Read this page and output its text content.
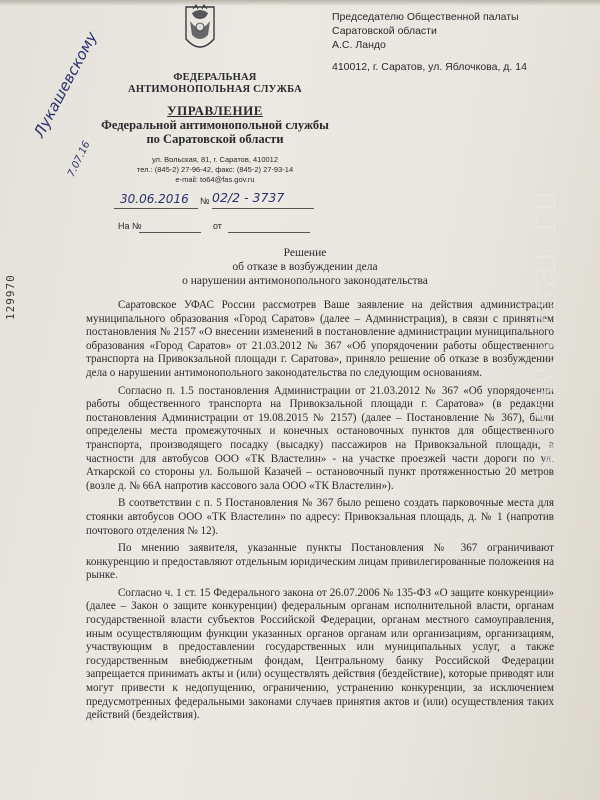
ФЕДЕРАЛЬНАЯ
АНТИМОНОПОЛЬНАЯ СЛУЖБА
УПРАВЛЕНИЕ
Федеральной антимонопольной службы
по Саратовской области
ул. Вольская, 81, г. Саратов, 410012
тел.: (845-2) 27-96-42, факс: (845-2) 27-93-14
e-mail: to64@fas.gov.ru
30.06.2016 № 02/2 - 3737
На №	от
Лукашевскому
7.07.16
Председателю Общественной палаты
Саратовской области
А.С. Ландо
410012, г. Саратов, ул. Яблочкова, д. 14
Решение
об отказе в возбуждении дела
о нарушении антимонопольного законодательства
129970	Саратовское УФАС России рассмотрев Ваше заявление на действия администрации муниципального образования «Город Саратов» (далее – Администрация), в связи с принятием постановления № 2157 «О внесении изменений в постановление администрации муниципального образования «Город Саратов» от 21.03.2012 № 367 «Об упорядочении работы общественного транспорта на Привокзальной площади г. Саратова», приняло решение об отказе в возбуждении дела о нарушении антимонопольного законодательства по следующим основаниям.

Согласно п. 1.5 постановления Администрации от 21.03.2012 № 367 «Об упорядочении работы общественного транспорта на Привокзальной площади г. Саратова» (в редакции постановления Администрации от 19.08.2015 № 2157) (далее – Постановление № 367), были определены места промежуточных и конечных остановочных пунктов для общественного транспорта, производящего посадку (высадку) пассажиров на Привокзальной площади, в частности для автобусов ООО «ТК Властелин» - на участке проезжей части дороги по ул. Аткарской со стороны ул. Большой Казачей – остановочный пункт протяженностью 20 метров (возле д. № 66А напротив кассового зала ООО «ТК Властелин»).

В соответствии с п. 5 Постановления № 367 было решено создать парковочные места для стоянки автобусов ООО «ТК Властелин» по адресу: Привокзальная площадь, д. № 1 (напротив почтового отделения № 12).

По мнению заявителя, указанные пункты Постановления № 367 ограничивают конкуренцию и предоставляют отдельным юридическим лицам привилегированные положения на рынке.

Согласно ч. 1 ст. 15 Федерального закона от 26.07.2006 № 135-ФЗ «О защите конкуренции» (далее – Закон о защите конкуренции) федеральным органам исполнительной власти, органам государственной власти субъектов Российской Федерации, органам местного самоуправления, иным осуществляющим функции указанных органов органам или организациям, организациям, участвующим в предоставлении государственных или муниципальных услуг, а также государственным внебюджетным фондам, Центральному банку Российской Федерации запрещается принимать акты и (или) осуществлять действия (бездействие), которые приводят или могут привести к недопущению, ограничению, устранению конкуренции, за исключением предусмотренных федеральными законами случаев принятия актов и (или) осуществления таких действий (бездействия).

www.vzsar.ru
